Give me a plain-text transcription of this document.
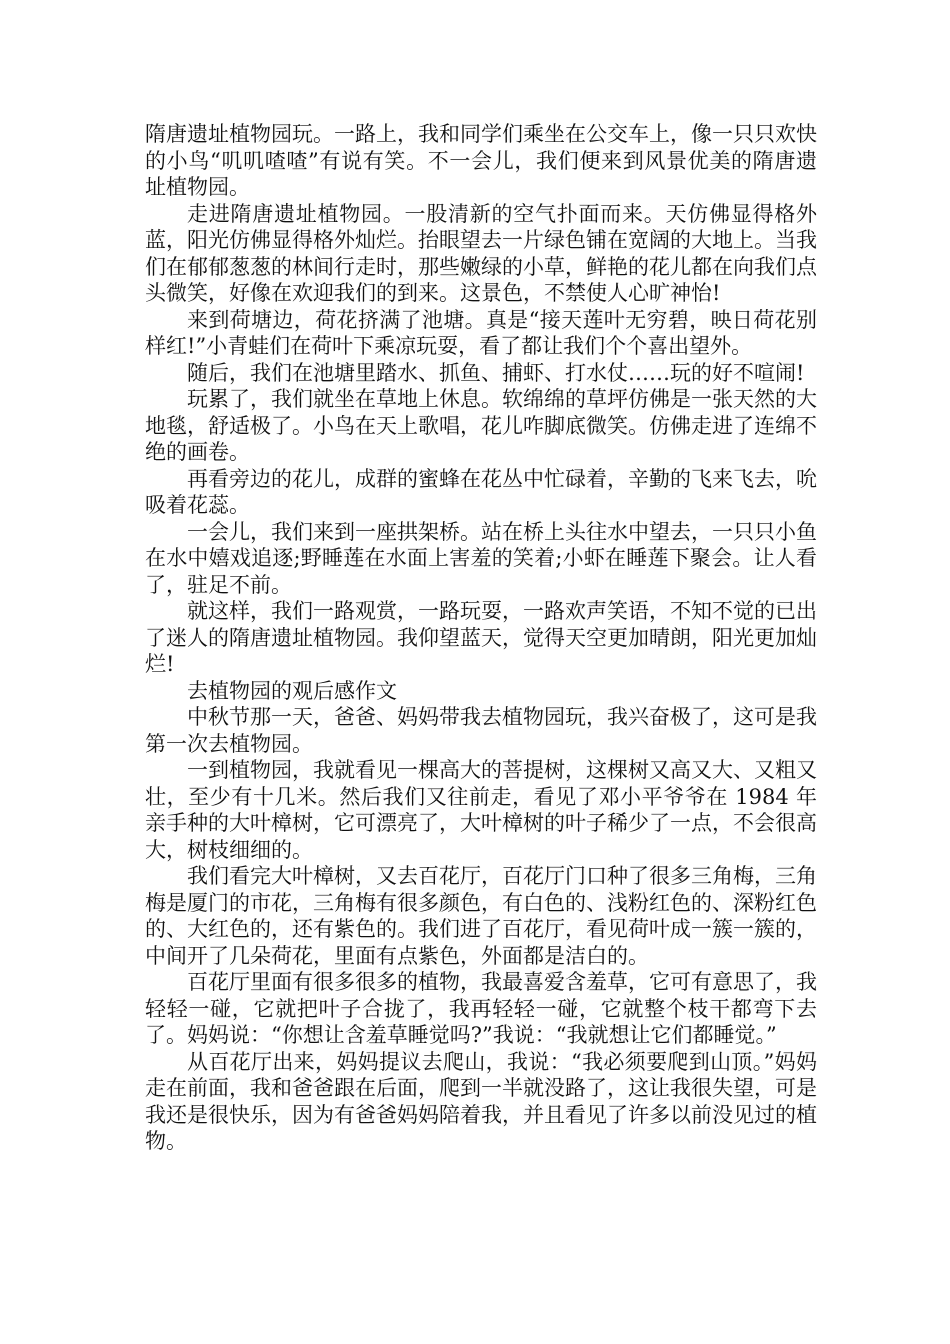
隋唐遗址植物园玩。一路上，我和同学们乘坐在公交车上，像一只只欢快的小鸟“叽叽喳喳”有说有笑。不一会儿，我们便来到风景优美的隋唐遗址植物园。

走进隋唐遗址植物园。一股清新的空气扑面而来。天仿佛显得格外蓝，阳光仿佛显得格外灿烂。抬眼望去一片绿色铺在宽阔的大地上。当我们在郁郁葱葱的林间行走时，那些嫩绿的小草，鲜艳的花儿都在向我们点头微笑，好像在欢迎我们的到来。这景色，不禁使人心旷神怡!

来到荷塘边，荷花挤满了池塘。真是“接天莲叶无穷碧，映日荷花别样红!”小青蛙们在荷叶下乘凉玩耍，看了都让我们个个喜出望外。

随后，我们在池塘里踏水、抓鱼、捕虾、打水仗……玩的好不喧闹!

玩累了，我们就坐在草地上休息。软绵绵的草坪仿佛是一张天然的大地毯，舒适极了。小鸟在天上歌唱，花儿咋脚底微笑。仿佛走进了连绵不绝的画卷。

再看旁边的花儿，成群的蜜蜂在花丛中忙碌着，辛勤的飞来飞去，吮吸着花蕊。

一会儿，我们来到一座拱架桥。站在桥上头往水中望去，一只只小鱼在水中嬉戏追逐;野睡莲在水面上害羞的笑着;小虾在睡莲下聚会。让人看了，驻足不前。

就这样，我们一路观赏，一路玩耍，一路欢声笑语，不知不觉的已出了迷人的隋唐遗址植物园。我仰望蓝天，觉得天空更加晴朗，阳光更加灿烂!

去植物园的观后感作文

中秋节那一天，爸爸、妈妈带我去植物园玩，我兴奋极了，这可是我第一次去植物园。

一到植物园，我就看见一棵高大的菩提树，这棵树又高又大、又粗又壮，至少有十几米。然后我们又往前走，看见了邓小平爷爷在 1984 年亲手种的大叶樟树，它可漂亮了，大叶樟树的叶子稀少了一点，不会很高大，树枝细细的。

我们看完大叶樟树，又去百花厅，百花厅门口种了很多三角梅，三角梅是厦门的市花，三角梅有很多颜色，有白色的、浅粉红色的、深粉红色的、大红色的，还有紫色的。我们进了百花厅，看见荷叶成一簇一簇的，中间开了几朵荷花，里面有点紫色，外面都是洁白的。

百花厅里面有很多很多的植物，我最喜爱含羞草，它可有意思了，我轻轻一碰，它就把叶子合拢了，我再轻轻一碰，它就整个枝干都弯下去了。妈妈说：“你想让含羞草睡觉吗?”我说：“我就想让它们都睡觉。”

从百花厅出来，妈妈提议去爬山，我说：“我必须要爬到山顶。”妈妈走在前面，我和爸爸跟在后面，爬到一半就没路了，这让我很失望，可是我还是很快乐，因为有爸爸妈妈陪着我，并且看见了许多以前没见过的植物。
